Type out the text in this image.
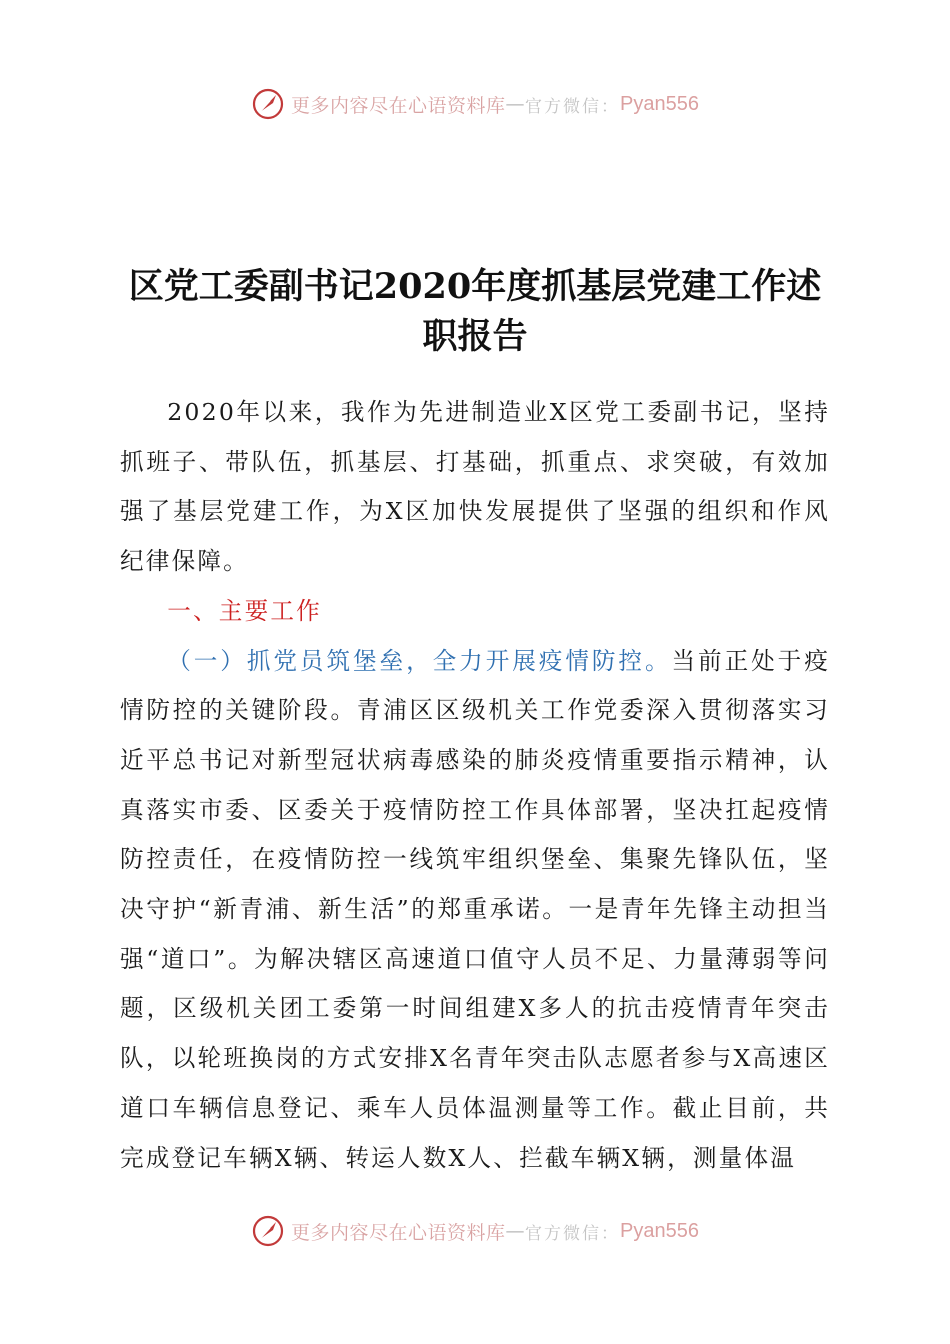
更多内容尽在心语资料库 — 官方微信： Pyan556
区党工委副书记2020年度抓基层党建工作述
职报告

2020年以来，我作为先进制造业X区党工委副书记，坚持抓班子、带队伍，抓基层、打基础，抓重点、求突破，有效加强了基层党建工作，为X区加快发展提供了坚强的组织和作风纪律保障。

一、主要工作

（一）抓党员筑堡垒，全力开展疫情防控。当前正处于疫情防控的关键阶段。青浦区区级机关工作党委深入贯彻落实习近平总书记对新型冠状病毒感染的肺炎疫情重要指示精神，认真落实市委、区委关于疫情防控工作具体部署，坚决扛起疫情防控责任，在疫情防控一线筑牢组织堡垒、集聚先锋队伍，坚决守护“新青浦、新生活”的郑重承诺。一是青年先锋主动担当强“道口”。为解决辖区高速道口值守人员不足、力量薄弱等问题，区级机关团工委第一时间组建X多人的抗击疫情青年突击队，以轮班换岗的方式安排X名青年突击队志愿者参与X高速区道口车辆信息登记、乘车人员体温测量等工作。截止目前，共完成登记车辆X辆、转运人数X人、拦截车辆X辆，测量体温

更多内容尽在心语资料库 — 官方微信： Pyan556
